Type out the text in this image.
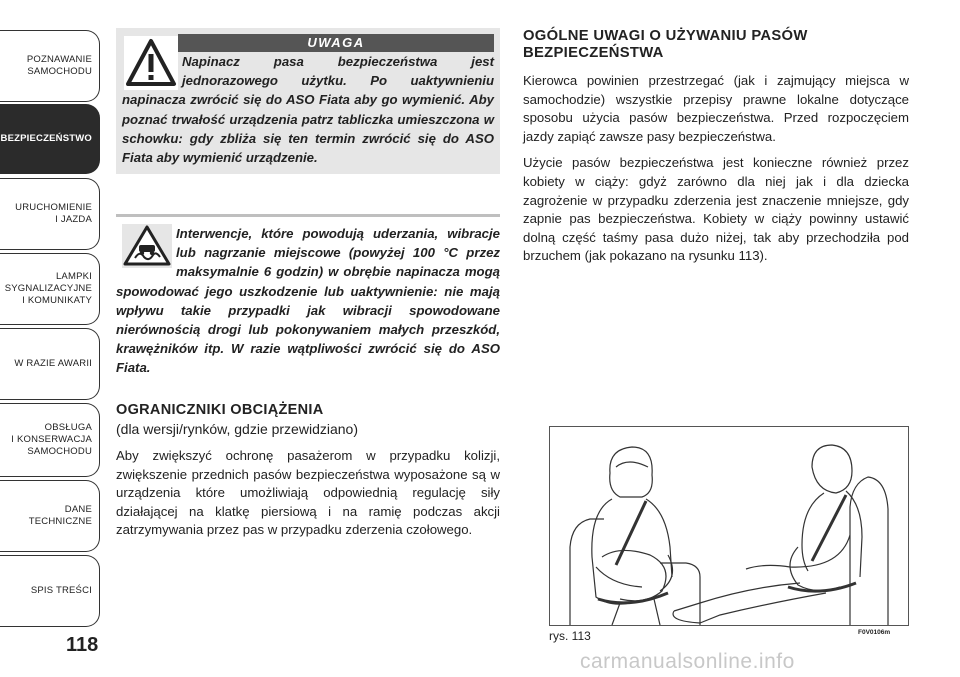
POZNAWANIE
SAMOCHODU
BEZPIECZEŃSTWO
URUCHOMIENIE
I JAZDA
LAMPKI
SYGNALIZACYJNE
I KOMUNIKATY
W RAZIE AWARII
OBSŁUGA
I KONSERWACJA
SAMOCHODU
DANE
TECHNICZNE
SPIS TREŚCI
118
UWAGA
Napinacz pasa bezpieczeństwa jest jednorazowego użytku. Po uaktywnieniu napinacza zwrócić się do ASO Fiata aby go wymienić. Aby poznać trwałość urządzenia patrz tabliczka umieszczona w schowku: gdy zbliża się ten termin zwrócić się do ASO Fiata aby wymienić urządzenie.
Interwencje, które powodują uderzania, wibracje lub nagrzanie miejscowe (powyżej 100 °C przez maksymalnie 6 godzin) w obrębie napinacza mogą spowodować jego uszkodzenie lub uaktywnienie: nie mają wpływu takie przypadki jak wibracji spowodowane nierównością drogi lub pokonywaniem małych przeszkód, krawężników itp. W razie wątpliwości zwrócić się do ASO Fiata.
OGRANICZNIKI OBCIĄŻENIA
(dla wersji/rynków, gdzie przewidziano)

Aby zwiększyć ochronę pasażerom w przypadku kolizji, zwiększenie przednich pasów bezpieczeństwa wyposażone są w urządzenia które umożliwiają odpowiednią regulację siły działającej na klatkę piersiową i na ramię podczas akcji zatrzymywania przez pas w przypadku zderzenia czołowego.

OGÓLNE UWAGI O UŻYWANIU PASÓW BEZPIECZEŃSTWA

Kierowca powinien przestrzegać (jak i zajmujący miejsca w samochodzie) wszystkie przepisy prawne lokalne dotyczące sposobu użycia pasów bezpieczeństwa. Przed rozpoczęciem jazdy zapiąć zawsze pasy bezpieczeństwa.

Użycie pasów bezpieczeństwa jest konieczne również przez kobiety w ciąży: gdyż zarówno dla niej jak i dla dziecka zagrożenie w przypadku zderzenia jest znaczenie mniejsze, gdy zapnie pas bezpieczeństwa. Kobiety w ciąży powinny ustawić dolną część taśmy pasa dużo niżej, tak aby przechodziła pod brzuchem (jak pokazano na rysunku 113).

rys. 113	F0V0106m
carmanualsonline.info
